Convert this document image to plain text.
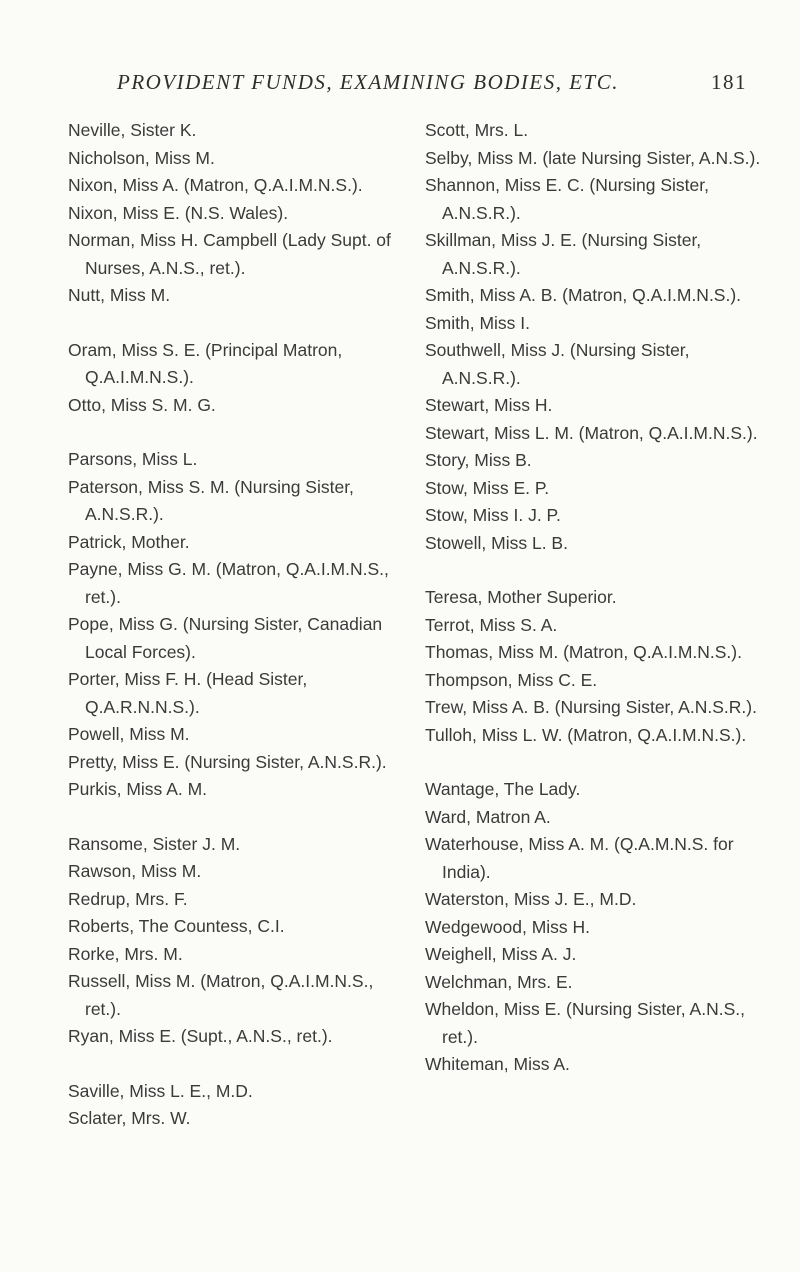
PROVIDENT FUNDS, EXAMINING BODIES, ETC.	181
Neville, Sister K.
Nicholson, Miss M.
Nixon, Miss A. (Matron, Q.A.I.M.N.S.).
Nixon, Miss E. (N.S. Wales).
Norman, Miss H. Campbell (Lady Supt. of Nurses, A.N.S., ret.).
Nutt, Miss M.
Oram, Miss S. E. (Principal Matron, Q.A.I.M.N.S.).
Otto, Miss S. M. G.
Parsons, Miss L.
Paterson, Miss S. M. (Nursing Sister, A.N.S.R.).
Patrick, Mother.
Payne, Miss G. M. (Matron, Q.A.I.M.N.S., ret.).
Pope, Miss G. (Nursing Sister, Canadian Local Forces).
Porter, Miss F. H. (Head Sister, Q.A.R.N.N.S.).
Powell, Miss M.
Pretty, Miss E. (Nursing Sister, A.N.S.R.).
Purkis, Miss A. M.
Ransome, Sister J. M.
Rawson, Miss M.
Redrup, Mrs. F.
Roberts, The Countess, C.I.
Rorke, Mrs. M.
Russell, Miss M. (Matron, Q.A.I.M.N.S., ret.).
Ryan, Miss E. (Supt., A.N.S., ret.).
Saville, Miss L. E., M.D.
Sclater, Mrs. W.
Scott, Mrs. L.
Selby, Miss M. (late Nursing Sister, A.N.S.).
Shannon, Miss E. C. (Nursing Sister, A.N.S.R.).
Skillman, Miss J. E. (Nursing Sister, A.N.S.R.).
Smith, Miss A. B. (Matron, Q.A.I.M.N.S.).
Smith, Miss I.
Southwell, Miss J. (Nursing Sister, A.N.S.R.).
Stewart, Miss H.
Stewart, Miss L. M. (Matron, Q.A.I.M.N.S.).
Story, Miss B.
Stow, Miss E. P.
Stow, Miss I. J. P.
Stowell, Miss L. B.
Teresa, Mother Superior.
Terrot, Miss S. A.
Thomas, Miss M. (Matron, Q.A.I.M.N.S.).
Thompson, Miss C. E.
Trew, Miss A. B. (Nursing Sister, A.N.S.R.).
Tulloh, Miss L. W. (Matron, Q.A.I.M.N.S.).
Wantage, The Lady.
Ward, Matron A.
Waterhouse, Miss A. M. (Q.A.M.N.S. for India).
Waterston, Miss J. E., M.D.
Wedgewood, Miss H.
Weighell, Miss A. J.
Welchman, Mrs. E.
Wheldon, Miss E. (Nursing Sister, A.N.S., ret.).
Whiteman, Miss A.
